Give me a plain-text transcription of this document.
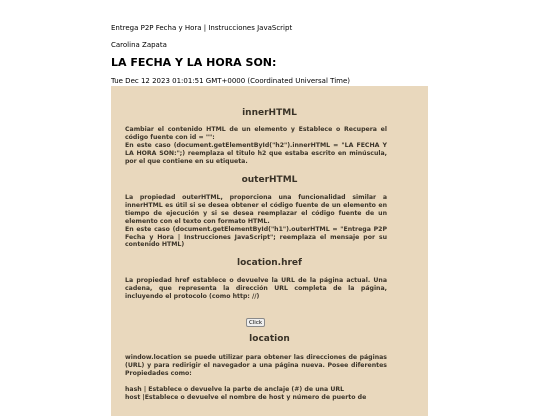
Entrega P2P Fecha y Hora | Instrucciones JavaScript
Carolina Zapata
LA FECHA Y LA HORA SON:
Tue Dec 12 2023 01:01:51 GMT+0000 (Coordinated Universal Time)
innerHTML

Cambiar el contenido HTML de un elemento y Establece o Recupera el código fuente con id = "":

En este caso (document.getElementById("h2").innerHTML = "LA FECHA Y LA HORA SON:";) reemplaza el titulo h2 que estaba escrito en minúscula, por el que contiene en su etiqueta.

outerHTML

La propiedad outerHTML, proporciona una funcionalidad similar a innerHTML es útil si se desea obtener el código fuente de un elemento en tiempo de ejecución y si se desea reemplazar el código fuente de un elemento con el texto con formato HTML.

En este caso (document.getElementById("h1").outerHTML = "Entrega P2P Fecha y Hora | Instrucciones JavaScript"; reemplaza el mensaje por su contenido HTML)

location.href

La propiedad href establece o devuelve la URL de la página actual. Una cadena, que representa la dirección URL completa de la página, incluyendo el protocolo (como http: //)

Click
location

window.location se puede utilizar para obtener las direcciones de páginas (URL) y para redirigir el navegador a una página nueva. Posee diferentes Propiedades como:

hash | Establece o devuelve la parte de anclaje (#) de una URL

host |Establece o devuelve el nombre de host y número de puerto de
